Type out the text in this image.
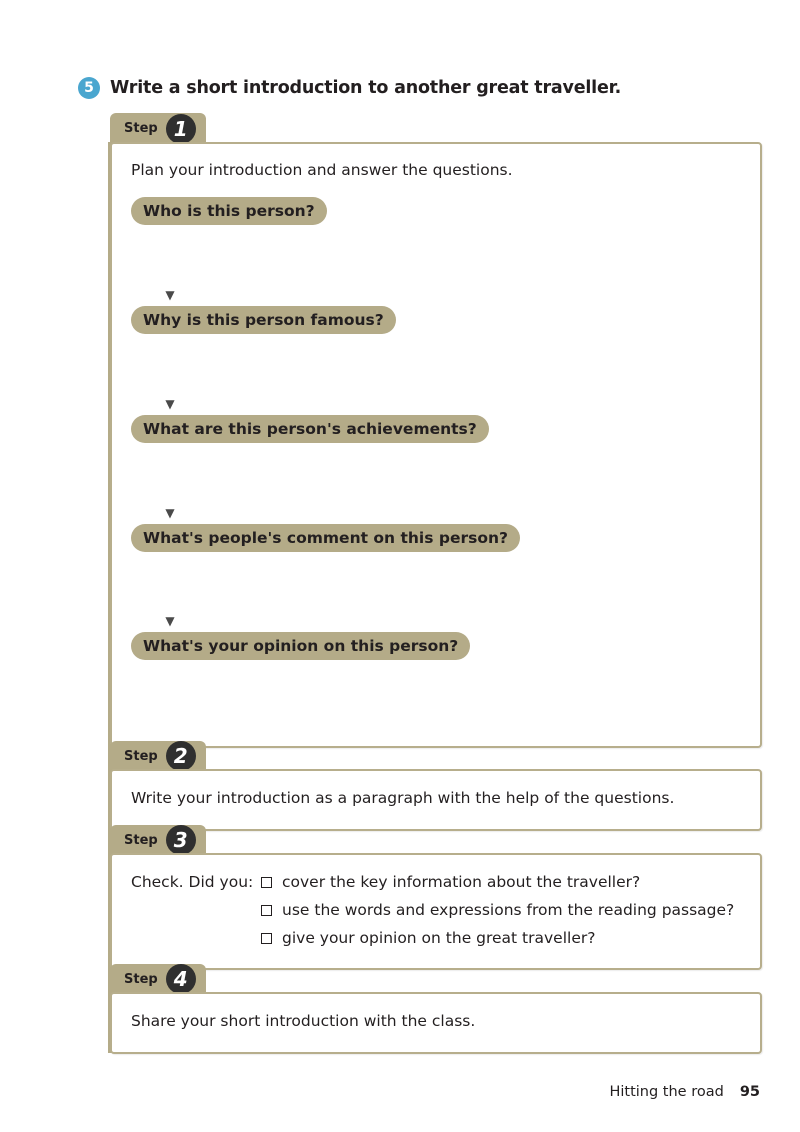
5 Write a short introduction to another great traveller.
Step 1
Plan your introduction and answer the questions.
Who is this person?
▼
Why is this person famous?
▼
What are this person's achievements?
▼
What's people's comment on this person?
▼
What's your opinion on this person?
Step 2
Write your introduction as a paragraph with the help of the questions.
Step 3
Check. Did you:	cover the key information about the traveller?
use the words and expressions from the reading passage?
give your opinion on the great traveller?
Step 4
Share your short introduction with the class.
Hitting the road 95
